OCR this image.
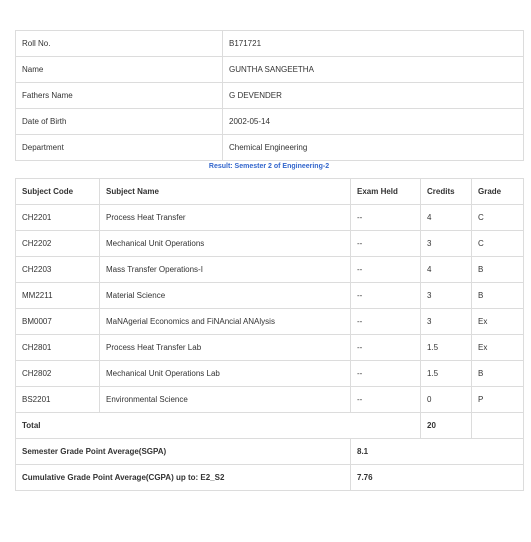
Roll No.	B171721
Name	GUNTHA SANGEETHA
Fathers Name	G DEVENDER
Date of Birth	2002-05-14
Department	Chemical Engineering
Result: Semester 2 of Engineering-2
Subject Code	Subject Name	Exam Held	Credits	Grade
CH2201	Process Heat Transfer	--	4	C
CH2202	Mechanical Unit Operations	--	3	C
CH2203	Mass Transfer Operations-I	--	4	B
MM2211	Material Science	--	3	B
BM0007	MaNAgerial Economics and FiNAncial ANAlysis	--	3	Ex
CH2801	Process Heat Transfer Lab	--	1.5	Ex
CH2802	Mechanical Unit Operations Lab	--	1.5	B
BS2201	Environmental Science	--	0	P
Total			20	
Semester Grade Point Average(SGPA)		8.1		
Cumulative Grade Point Average(CGPA) up to: E2_S2		7.76		
